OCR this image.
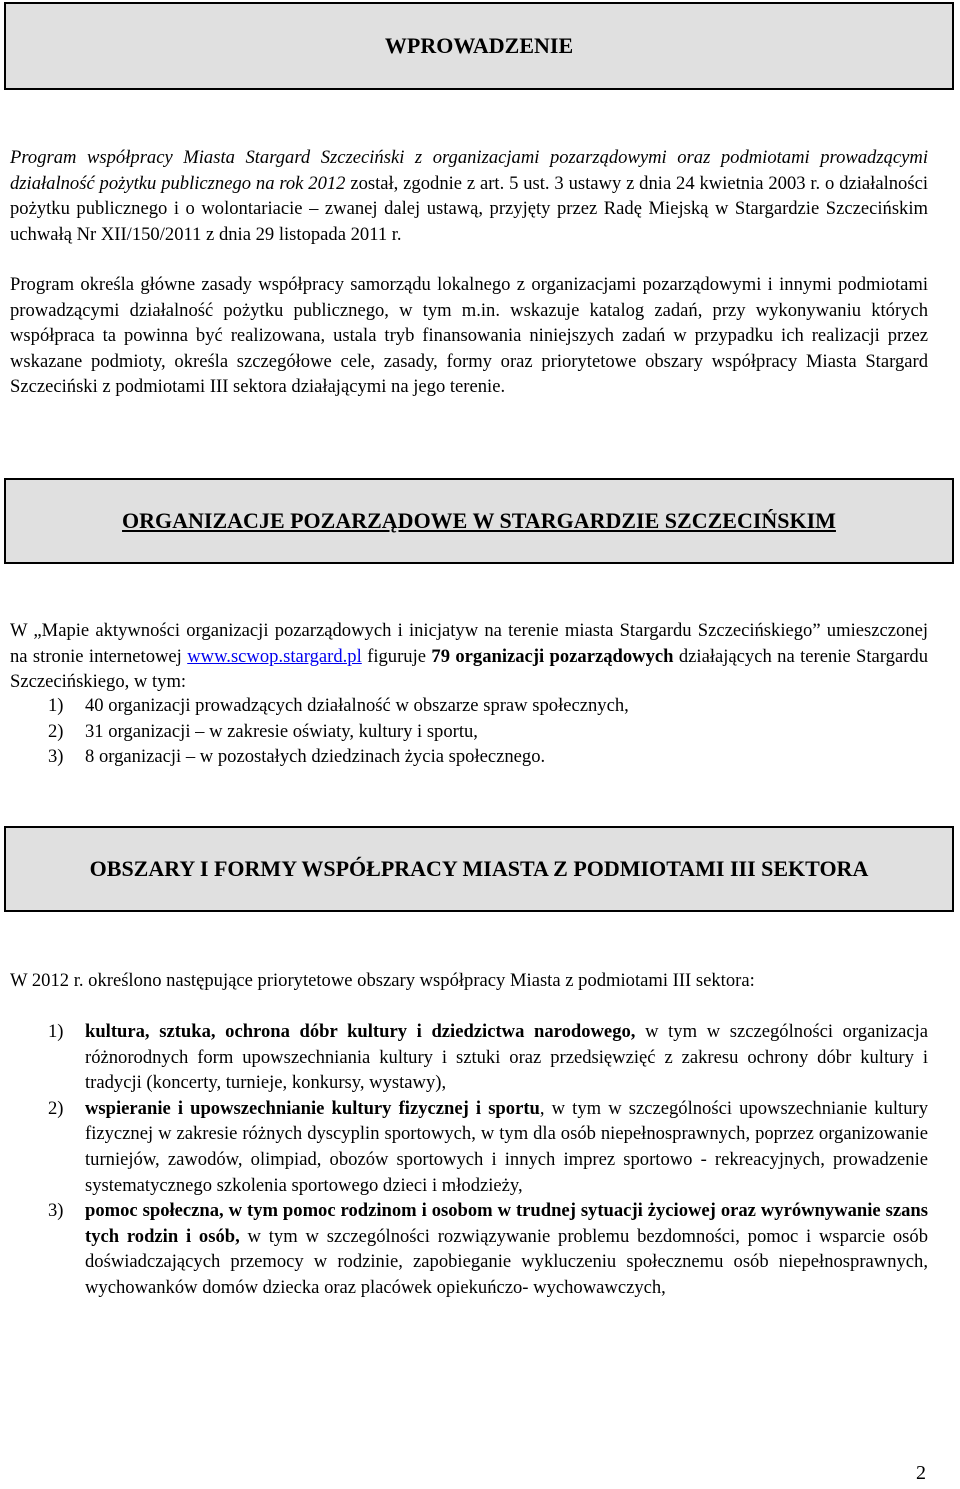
WPROWADZENIE

Program współpracy Miasta Stargard Szczeciński z organizacjami pozarządowymi oraz podmiotami prowadzącymi działalność pożytku publicznego na rok 2012 został, zgodnie z art. 5 ust. 3 ustawy z dnia 24 kwietnia 2003 r. o działalności pożytku publicznego i o wolontariacie – zwanej dalej ustawą, przyjęty przez Radę Miejską w Stargardzie Szczecińskim uchwałą Nr XII/150/2011 z dnia 29 listopada 2011 r.

Program określa główne zasady współpracy samorządu lokalnego z organizacjami pozarządowymi i innymi podmiotami prowadzącymi działalność pożytku publicznego, w tym m.in. wskazuje katalog zadań, przy wykonywaniu których współpraca ta powinna być realizowana, ustala tryb finansowania niniejszych zadań w przypadku ich realizacji przez wskazane podmioty, określa szczegółowe cele, zasady, formy oraz priorytetowe obszary współpracy Miasta Stargard Szczeciński z podmiotami III sektora działającymi na jego terenie.

ORGANIZACJE POZARZĄDOWE W STARGARDZIE SZCZECIŃSKIM

W „Mapie aktywności organizacji pozarządowych i inicjatyw na terenie miasta Stargardu Szczecińskiego” umieszczonej na stronie internetowej www.scwop.stargard.pl figuruje 79 organizacji pozarządowych działających na terenie Stargardu Szczecińskiego, w tym:

1) 40 organizacji prowadzących działalność w obszarze spraw społecznych,
2) 31 organizacji – w zakresie oświaty, kultury i sportu,
3) 8 organizacji – w pozostałych dziedzinach życia społecznego.
OBSZARY I FORMY WSPÓŁPRACY MIASTA Z PODMIOTAMI III SEKTORA

W 2012 r. określono następujące priorytetowe obszary współpracy Miasta z podmiotami III sektora:

1) kultura, sztuka, ochrona dóbr kultury i dziedzictwa narodowego, w tym w szczególności organizacja różnorodnych form upowszechniania kultury i sztuki oraz przedsięwzięć z zakresu ochrony dóbr kultury i tradycji (koncerty, turnieje, konkursy, wystawy),
2) wspieranie i upowszechnianie kultury fizycznej i sportu, w tym w szczególności upowszechnianie kultury fizycznej w zakresie różnych dyscyplin sportowych, w tym dla osób niepełnosprawnych, poprzez organizowanie turniejów, zawodów, olimpiad, obozów sportowych i innych imprez sportowo - rekreacyjnych, prowadzenie systematycznego szkolenia sportowego dzieci i młodzieży,
3) pomoc społeczna, w tym pomoc rodzinom i osobom w trudnej sytuacji życiowej oraz wyrównywanie szans tych rodzin i osób, w tym w szczególności rozwiązywanie problemu bezdomności, pomoc i wsparcie osób doświadczających przemocy w rodzinie, zapobieganie wykluczeniu społecznemu osób niepełnosprawnych, wychowanków domów dziecka oraz placówek opiekuńczo- wychowawczych,
2
